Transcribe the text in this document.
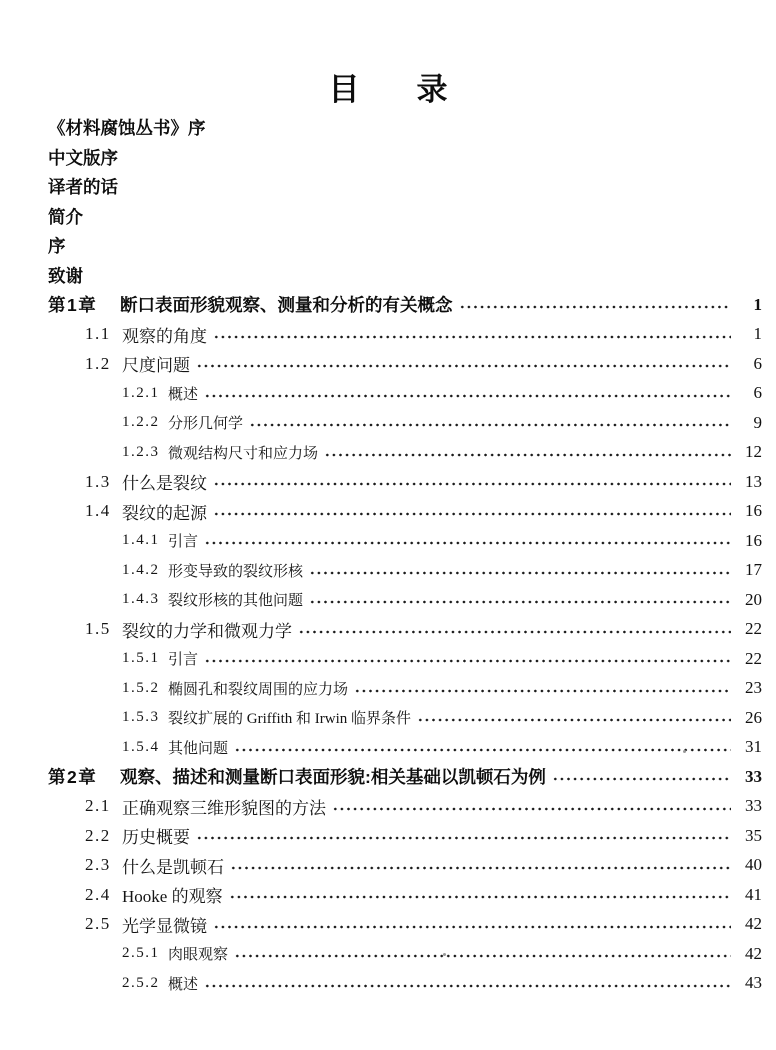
目录
《材料腐蚀丛书》序
中文版序
译者的话
简介
序
致谢
第1章	断口表面形貌观察、测量和分析的有关概念	1
1.1 观察的角度	1
1.2 尺度问题	6
1.2.1 概述	6
1.2.2 分形几何学	9
1.2.3 微观结构尺寸和应力场	12
1.3 什么是裂纹	13
1.4 裂纹的起源	16
1.4.1 引言	16
1.4.2 形变导致的裂纹形核	17
1.4.3 裂纹形核的其他问题	20
1.5 裂纹的力学和微观力学	22
1.5.1 引言	22
1.5.2 椭圆孔和裂纹周围的应力场	23
1.5.3 裂纹扩展的 Griffith 和 Irwin 临界条件	26
1.5.4 其他问题	31
第2章	观察、描述和测量断口表面形貌:相关基础以凯顿石为例	33
2.1 正确观察三维形貌图的方法	33
2.2 历史概要	35
2.3 什么是凯顿石	40
2.4 Hooke 的观察	41
2.5 光学显微镜	42
2.5.1 肉眼观察	42
2.5.2 概述	43
